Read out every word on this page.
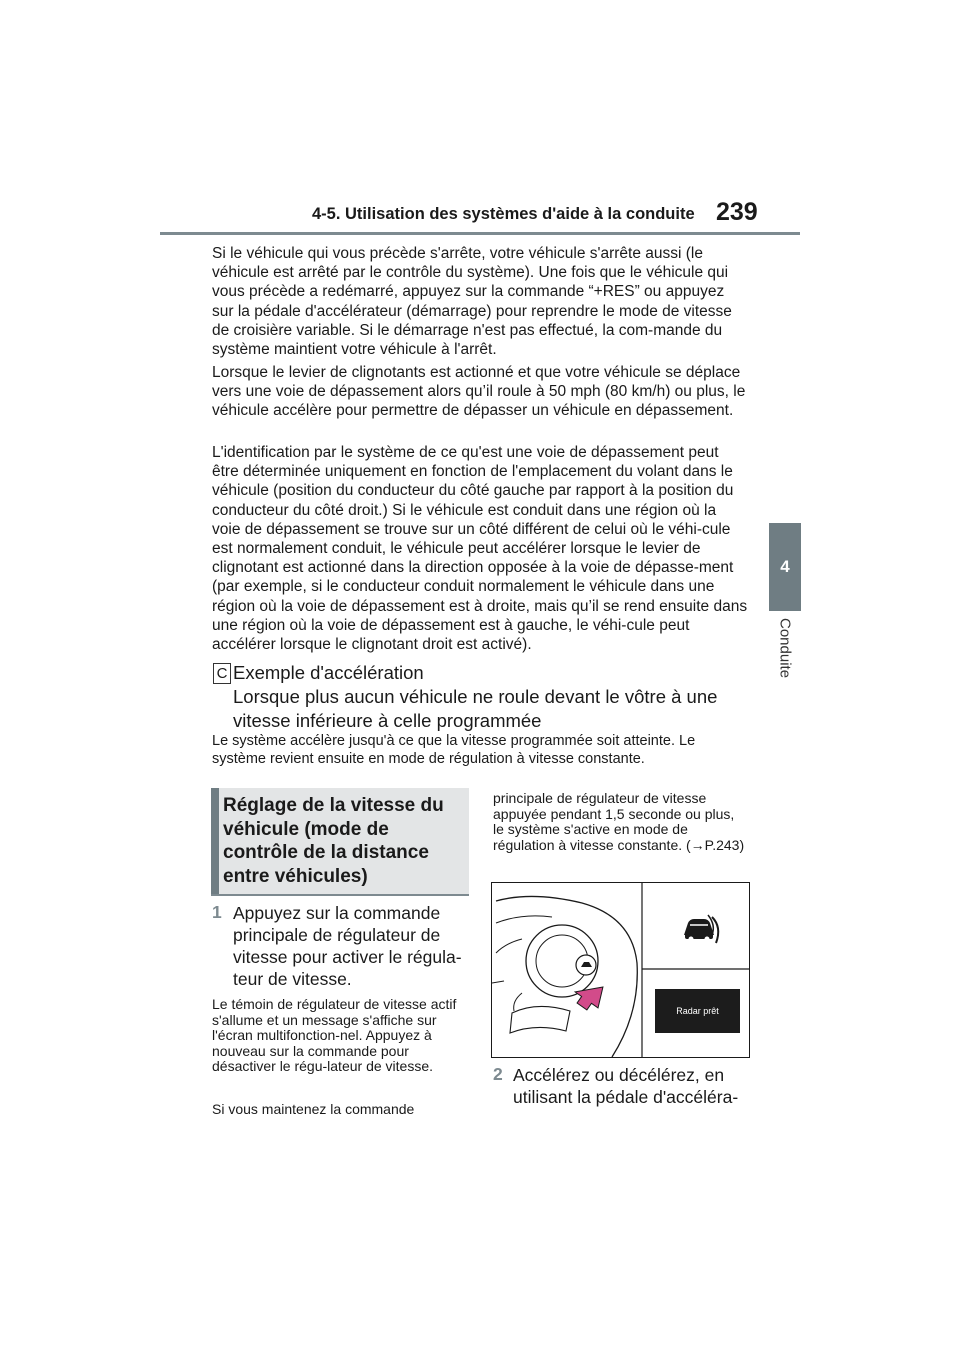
4-5. Utilisation des systèmes d'aide à la conduite 239
4
Conduite

Si le véhicule qui vous précède s'arrête, votre véhicule s'arrête aussi (le véhicule est arrêté par le contrôle du système). Une fois que le véhicule qui vous précède a redémarré, appuyez sur la commande “+RES” ou appuyez sur la pédale d'accélérateur (démarrage) pour reprendre le mode de vitesse de croisière variable. Si le démarrage n'est pas effectué, la com-mande du système maintient votre véhicule à l'arrêt.

Lorsque le levier de clignotants est actionné et que votre véhicule se déplace vers une voie de dépassement alors qu’il roule à 50 mph (80 km/h) ou plus, le véhicule accélère pour permettre de dépasser un véhicule en dépassement.

L'identification par le système de ce qu'est une voie de dépassement peut être déterminée uniquement en fonction de l'emplacement du volant dans le véhicule (position du conducteur du côté gauche par rapport à la position du conducteur du côté droit.) Si le véhicule est conduit dans une région où la voie de dépassement se trouve sur un côté différent de celui où le véhi-cule est normalement conduit, le véhicule peut accélérer lorsque le levier de clignotant est actionné dans la direction opposée à la voie de dépasse-ment (par exemple, si le conducteur conduit normalement le véhicule dans une région où la voie de dépassement est à droite, mais qu’il se rend ensuite dans une région où la voie de dépassement est à gauche, le véhi-cule peut accélérer lorsque le clignotant droit est activé).

C Exemple d'accélération
Lorsque plus aucun véhicule ne roule devant le vôtre à une vitesse inférieure à celle programmée

Le système accélère jusqu'à ce que la vitesse programmée soit atteinte. Le système revient ensuite en mode de régulation à vitesse constante.

Réglage de la vitesse du véhicule (mode de contrôle de la distance entre véhicules)

1 Appuyez sur la commande principale de régulateur de vitesse pour activer le régula-teur de vitesse.

Le témoin de régulateur de vitesse actif s'allume et un message s'affiche sur l'écran multifonction-nel. Appuyez à nouveau sur la commande pour désactiver le régu-lateur de vitesse.

Si vous maintenez la commande

principale de régulateur de vitesse appuyée pendant 1,5 seconde ou plus, le système s'active en mode de régulation à vitesse constante. (→P.243)

Radar prêt
2 Accélérez ou décélérez, en utilisant la pédale d'accéléra-
